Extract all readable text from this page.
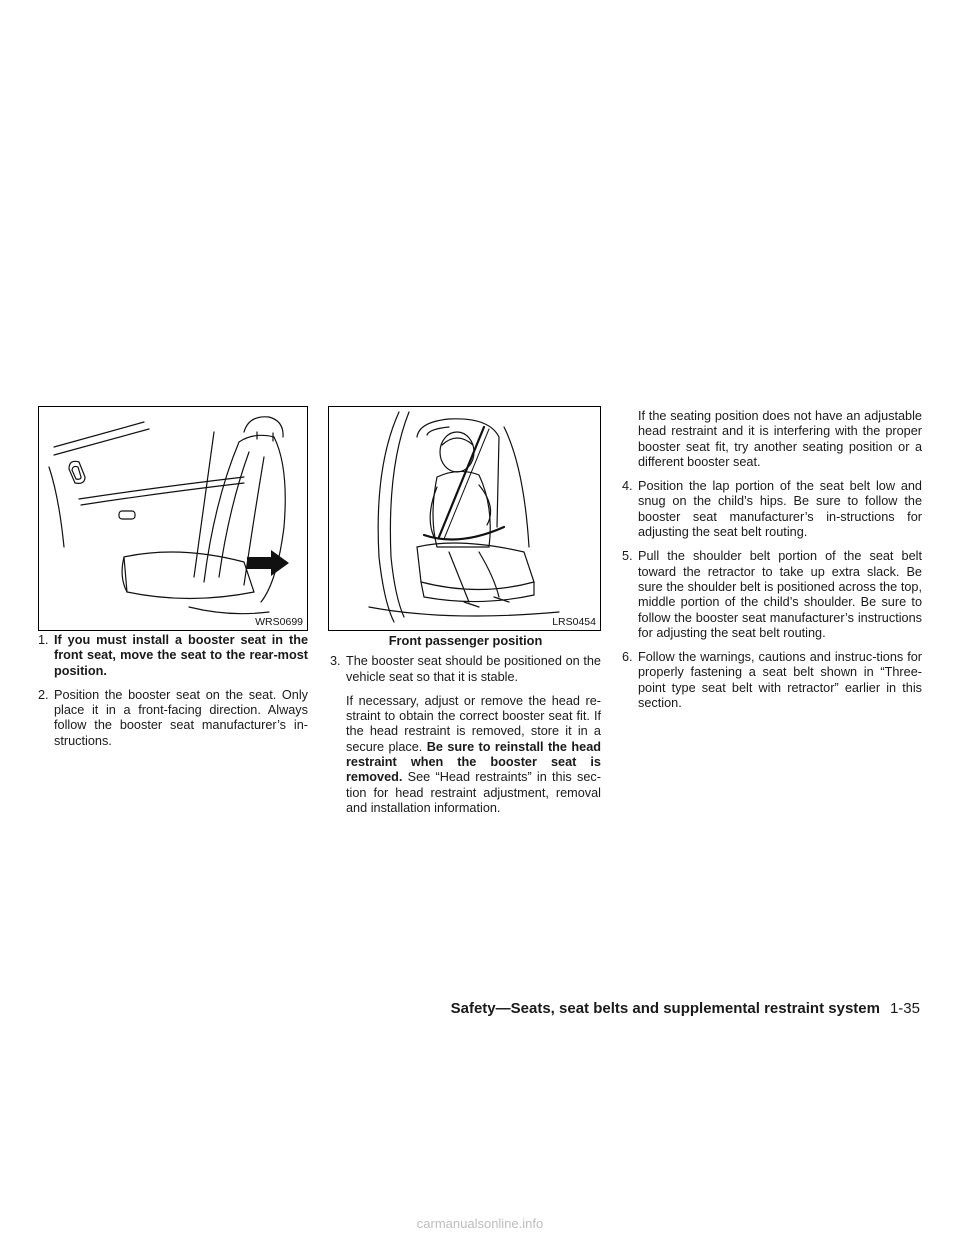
WRS0699	LRS0454
1. If you must install a booster seat in the front seat, move the seat to the rear-most position.
2. Position the booster seat on the seat. Only place it in a front-facing direction. Always follow the booster seat manufacturer’s in-structions.
Front passenger position
3. The booster seat should be positioned on the vehicle seat so that it is stable.
If necessary, adjust or remove the head re-straint to obtain the correct booster seat fit. If the head restraint is removed, store it in a secure place. Be sure to reinstall the head restraint when the booster seat is removed. See “Head restraints” in this sec-tion for head restraint adjustment, removal and installation information.
If the seating position does not have an adjustable head restraint and it is interfering with the proper booster seat fit, try another seating position or a different booster seat.
4. Position the lap portion of the seat belt low and snug on the child’s hips. Be sure to follow the booster seat manufacturer’s in-structions for adjusting the seat belt routing.
5. Pull the shoulder belt portion of the seat belt toward the retractor to take up extra slack. Be sure the shoulder belt is positioned across the top, middle portion of the child’s shoulder. Be sure to follow the booster seat manufacturer’s instructions for adjusting the seat belt routing.
6. Follow the warnings, cautions and instruc-tions for properly fastening a seat belt shown in “Three-point type seat belt with retractor” earlier in this section.
Safety—Seats, seat belts and supplemental restraint system 1-35
carmanualsonline.info
